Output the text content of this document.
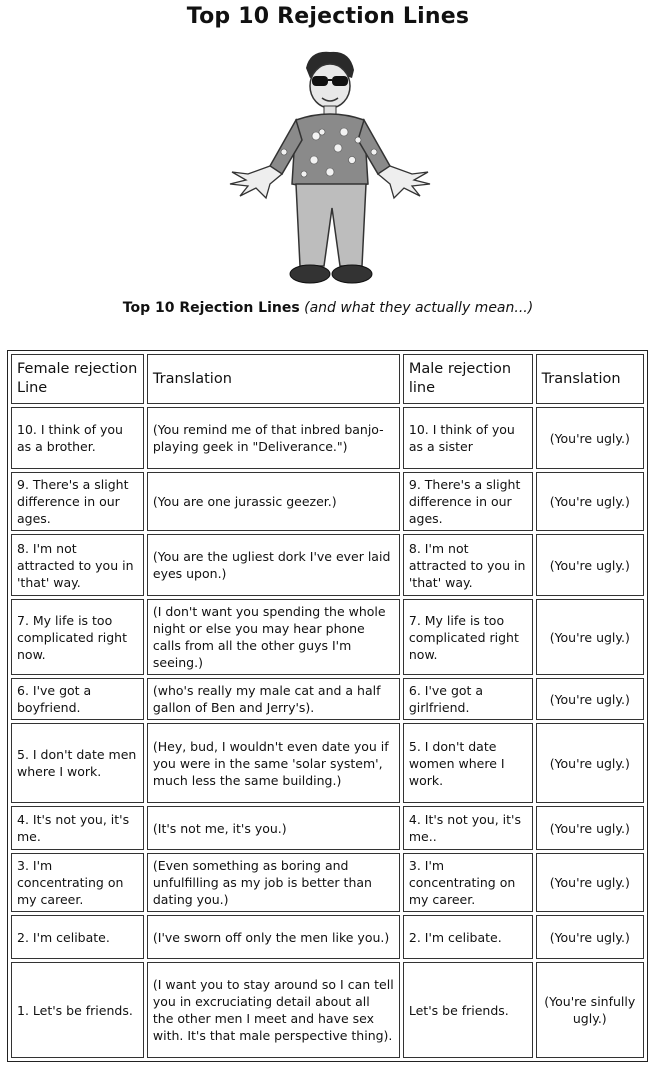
Top 10 Rejection Lines
Top 10 Rejection Lines (and what they actually mean...)
Female rejection Line	Translation	Male rejection line	Translation
10. I think of you as a brother.	(You remind me of that inbred banjo-playing geek in "Deliverance.")	10. I think of you as a sister	(You're ugly.)
9. There's a slight difference in our ages.	(You are one jurassic geezer.)	9. There's a slight difference in our ages.	(You're ugly.)
8. I'm not attracted to you in 'that' way.	(You are the ugliest dork I've ever laid eyes upon.)	8. I'm not attracted to you in 'that' way.	(You're ugly.)
7. My life is too complicated right now.	(I don't want you spending the whole night or else you may hear phone calls from all the other guys I'm seeing.)	7. My life is too complicated right now.	(You're ugly.)
6. I've got a boyfriend.	(who's really my male cat and a half gallon of Ben and Jerry's).	6. I've got a girlfriend.	(You're ugly.)
5. I don't date men where I work.	(Hey, bud, I wouldn't even date you if you were in the same 'solar system', much less the same building.)	5. I don't date women where I work.	(You're ugly.)
4. It's not you, it's me.	(It's not me, it's you.)	4. It's not you, it's me..	(You're ugly.)
3. I'm concentrating on my career.	(Even something as boring and unfulfilling as my job is better than dating you.)	3. I'm concentrating on my career.	(You're ugly.)
2. I'm celibate.	(I've sworn off only the men like you.)	2. I'm celibate.	(You're ugly.)
1. Let's be friends.	(I want you to stay around so I can tell you in excruciating detail about all the other men I meet and have sex with. It's that male perspective thing).	Let's be friends.	(You're sinfully ugly.)
